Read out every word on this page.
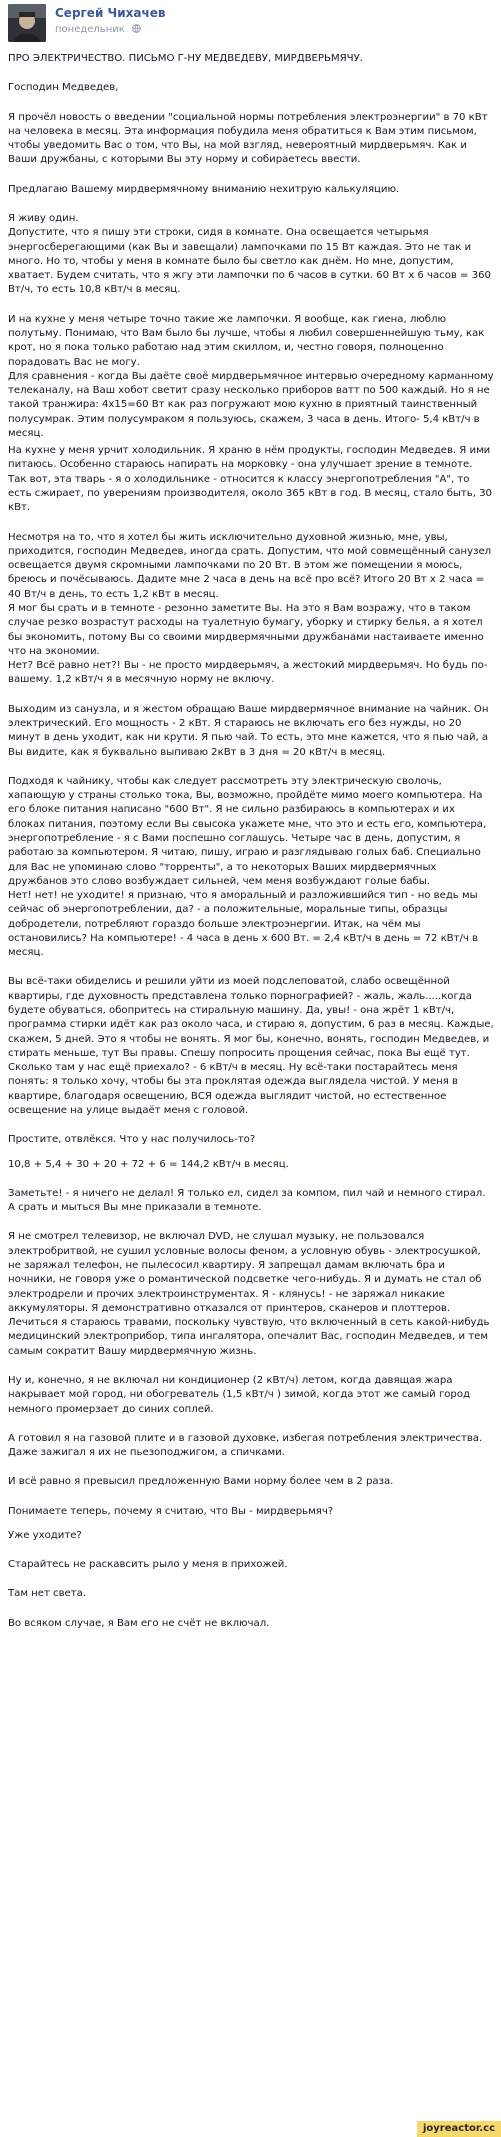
Сергей Чихачев
понедельник

ПРО ЭЛЕКТРИЧЕСТВО. ПИСЬМО Г-НУ МЕДВЕДЕВУ, МИРДВЕРЬМЯЧУ.

Господин Медведев,

Я прочёл новость о введении "социальной нормы потребления электроэнергии" в 70 кВт на человека в месяц. Эта информация побудила меня обратиться к Вам этим письмом, чтобы уведомить Вас о том, что Вы, на мой взгляд, невероятный мирдверьмяч. Как и Ваши дружбаны, с которыми Вы эту норму и собираетесь ввести.

Предлагаю Вашему мирдвермячному вниманию нехитрую калькуляцию.

Я живу один.
Допустите, что я пишу эти строки, сидя в комнате. Она освещается четырьмя энергосберегающими (как Вы и завещали) лампочками по 15 Вт каждая. Это не так и много. Но то, чтобы у меня в комнате было бы светло как днём. Но мне, допустим, хватает. Будем считать, что я жгу эти лампочки по 6 часов в сутки. 60 Вт х 6 часов = 360 Вт/ч, то есть 10,8 кВт/ч в месяц.

И на кухне у меня четыре точно такие же лампочки. Я вообще, как гиена, люблю полутьму. Понимаю, что Вам было бы лучше, чтобы я любил совершеннейшую тьму, как крот, но я пока только работаю над этим скиллом, и, честно говоря, полноценно порадовать Вас не могу.
Для сравнения - когда Вы даёте своё мирдверьмячное интервью очередному карманному телеканалу, на Ваш хобот светит сразу несколько приборов ватт по 500 каждый. Но я не такой транжира: 4х15=60 Вт как раз погружают мою кухню в приятный таинственный полусумрак. Этим полусумраком я пользуюсь, скажем, 3 часа в день. Итого- 5,4 кВт/ч в месяц.

На кухне у меня урчит холодильник. Я храню в нём продукты, господин Медведев. Я ими питаюсь. Особенно стараюсь напирать на морковку - она улучшает зрение в темноте. Так вот, эта тварь - я о холодильнике - относится к классу энергопотребления "А", то есть сжирает, по уверениям производителя, около 365 кВт в год. В месяц, стало быть, 30 кВт.

Несмотря на то, что я хотел бы жить исключительно духовной жизнью, мне, увы, приходится, господин Медведев, иногда срать. Допустим, что мой совмещённый санузел освещается двумя скромными лампочками по 20 Вт. В этом же помещении я моюсь, бреюсь и почёсываюсь. Дадите мне 2 часа в день на всё про всё? Итого 20 Вт х 2 часа = 40 Вт/ч в день, то есть 1,2 кВт в месяц.
Я мог бы срать и в темноте - резонно заметите Вы. На это я Вам возражу, что в таком случае резко возрастут расходы на туалетную бумагу, уборку и стирку белья, а я хотел бы экономить, потому Вы со своими мирдвермячными дружбанами настаиваете именно что на экономии.
Нет? Всё равно нет?! Вы - не просто мирдверьмяч, а жестокий мирдверьмяч. Но будь по-вашему. 1,2 кВт/ч я в месячную норму не включу.

Выходим из санузла, и я жестом обращаю Ваше мирдвермячное внимание на чайник. Он электрический. Его мощность - 2 кВт. Я стараюсь не включать его без нужды, но 20 минут в день уходит, как ни крути. Я пью чай. То есть, это мне кажется, что я пью чай, а Вы видите, как я буквально выпиваю 2кВт в 3 дня = 20 кВт/ч в месяц.

Подходя к чайнику, чтобы как следует рассмотреть эту электрическую сволочь, хапающую у страны столько тока, Вы, возможно, пройдёте мимо моего компьютера. На его блоке питания написано "600 Вт". Я не сильно разбираюсь в компьютерах и их блоках питания, поэтому если Вы свысока укажете мне, что это и есть его, компьютера, энергопотребление - я с Вами поспешно соглашусь. Четыре час в день, допустим, я работаю за компьютером. Я читаю, пишу, играю и разглядываю голых баб. Специально для Вас не упоминаю слово "торренты", а то некоторых Ваших мирдвермячных дружбанов это слово возбуждает сильней, чем меня возбуждают голые бабы.
Нет! нет! не уходите! я признаю, что я аморальный и разложившийся тип - но ведь мы сейчас об энергопотреблении, да? - а положительные, моральные типы, образцы добродетели, потребляют гораздо больше электроэнергии. Итак, на чём мы остановились? На компьютере! - 4 часа в день х 600 Вт. = 2,4 кВт/ч в день = 72 кВт/ч в месяц.

Вы всё-таки обиделись и решили уйти из моей подслеповатой, слабо освещённой квартиры, где духовность представлена только порнографией? - жаль, жаль.....когда будете обуваться, обопритесь на стиральную машину. Да, увы! - она жрёт 1 кВт/ч, программа стирки идёт как раз около часа, и стираю я, допустим, 6 раз в месяц. Каждые, скажем, 5 дней. Это я чтобы не вонять. Я мог бы, конечно, вонять, господин Медведев, и стирать меньше, тут Вы правы. Спешу попросить прощения сейчас, пока Вы ещё тут. Сколько там у нас ещё приехало? - 6 кВт/ч в месяц. Ну всё-таки постарайтесь меня понять: я только хочу, чтобы бы эта проклятая одежда выглядела чистой. У меня в квартире, благодаря освещению, ВСЯ одежда выглядит чистой, но естественное освещение на улице выдаёт меня с головой.

Простите, отвлёкся. Что у нас получилось-то?

10,8 + 5,4 + 30 + 20 + 72 + 6 = 144,2 кВт/ч в месяц.

Заметьте! - я ничего не делал! Я только ел, сидел за компом, пил чай и немного стирал. А срать и мыться Вы мне приказали в темноте.

Я не смотрел телевизор, не включал DVD, не слушал музыку, не пользовался электробритвой, не сушил условные волосы феном, а условную обувь - электросушкой, не заряжал телефон, не пылесосил квартиру. Я запрещал дамам включать бра и ночники, не говоря уже о романтической подсветке чего-нибудь. Я и думать не стал об электродрели и прочих электроинструментах. Я - клянусь! - не заряжал никакие аккумуляторы. Я демонстративно отказался от принтеров, сканеров и плоттеров. Лечиться я стараюсь травами, поскольку чувствую, что включенный в сеть какой-нибудь медицинский электроприбор, типа ингалятора, опечалит Вас, господин Медведев, и тем самым сократит Вашу мирдвермячную жизнь.

Ну и, конечно, я не включал ни кондиционер (2 кВт/ч) летом, когда давящая жара накрывает мой город, ни обогреватель (1,5 кВт/ч ) зимой, когда этот же самый город немного промерзает до синих соплей.

А готовил я на газовой плите и в газовой духовке, избегая потребления электричества. Даже зажигал я их не пьезоподжигом, а спичками.

И всё равно я превысил предложенную Вами норму более чем в 2 раза.

Понимаете теперь, почему я считаю, что Вы - мирдверьмяч?

Уже уходите?

Старайтесь не раскавсить рыло у меня в прихожей.

Там нет света.

Во всяком случае, я Вам его не счёт не включал.

joyreactor.cc
